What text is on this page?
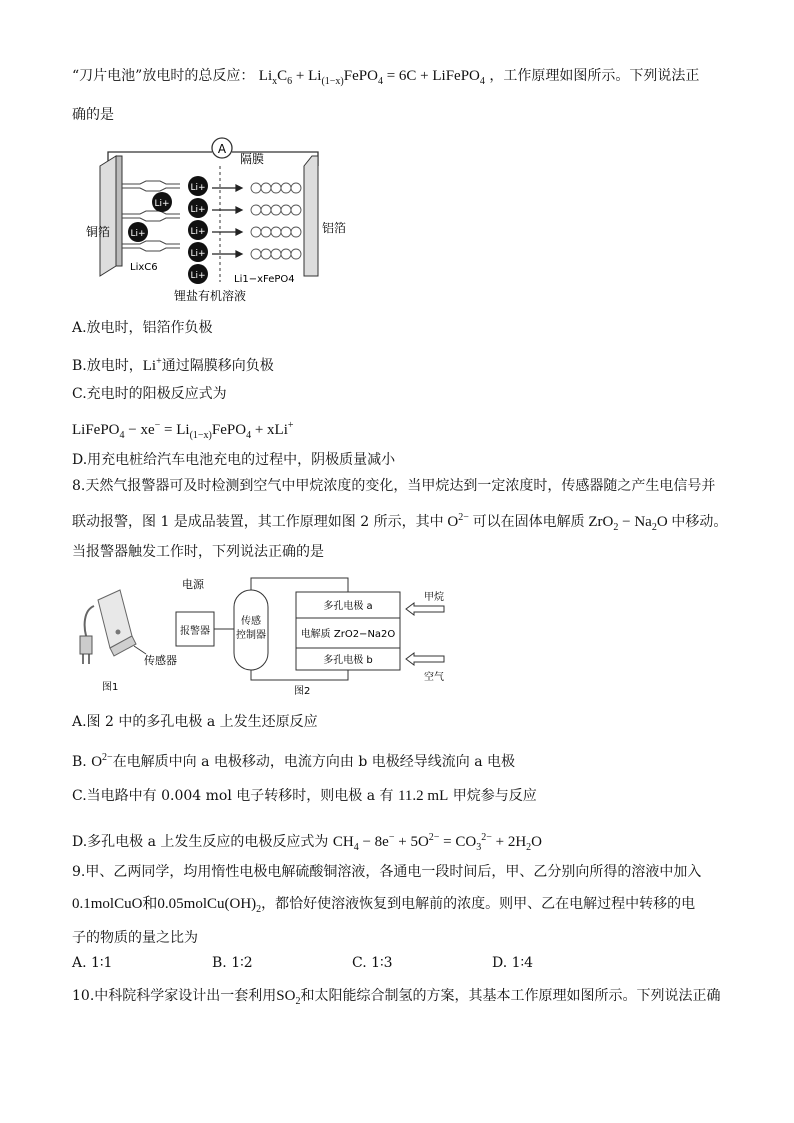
“刀片电池”放电时的总反应： $Li_xC_6$ + $Li_{(1-x)}FePO_4 = 6C$ + LiFePO$_4$ ，工作原理如图所示。下列说法正
确的是
A
隔膜
铜箔
Li+
Li+
LixC6
Li+
Li+
Li+
Li+
Li+
铝箔
Li1−xFePO4
锂盐有机溶液
A.放电时，铝箔作负极
B.放电时，Li+通过隔膜移向负极
C.充电时的阳极反应式为
LiFePO$_4$ − $xe^- = Li_{(1-x)}FePO_4 + xLi^+$
D.用充电桩给汽车电池充电的过程中，阴极质量减小
8.天然气报警器可及时检测到空气中甲烷浓度的变化，当甲烷达到一定浓度时，传感器随之产生电信号并
联动报警，图 1 是成品装置，其工作原理如图 2 所示，其中 $O^{2-}$ 可以在固体电解质 $ZrO_2 - Na_2O$ 中移动。
当报警器触发工作时，下列说法正确的是
传感器
图1
电源
报警器
传感
控制器
多孔电极 a
电解质 ZrO2−Na2O
多孔电极 b
甲烷
空气
图2
A.图 2 中的多孔电极 a 上发生还原反应
B. $O^{2-}$在电解质中向 a 电极移动，电流方向由 b 电极经导线流向 a 电极
C.当电路中有 0.004 mol 电子转移时，则电极 a 有 11.2 mL 甲烷参与反应
D.多孔电极 a 上发生反应的电极反应式为 $CH_4 - 8e^- + 5O^{2-} = CO_3^{2-} + 2H_2O$
9.甲、乙两同学，均用惰性电极电解硫酸铜溶液，各通电一段时间后，甲、乙分别向所得的溶液中加入
0.1molCuO和$0.05molCu(OH)_2$，都恰好使溶液恢复到电解前的浓度。则甲、乙在电解过程中转移的电
子的物质的量之比为
A. 1∶1	B. 1∶2	C. 1∶3	D. 1∶4
10.中科院科学家设计出一套利用$SO_2$和太阳能综合制氢的方案，其基本工作原理如图所示。下列说法正确
